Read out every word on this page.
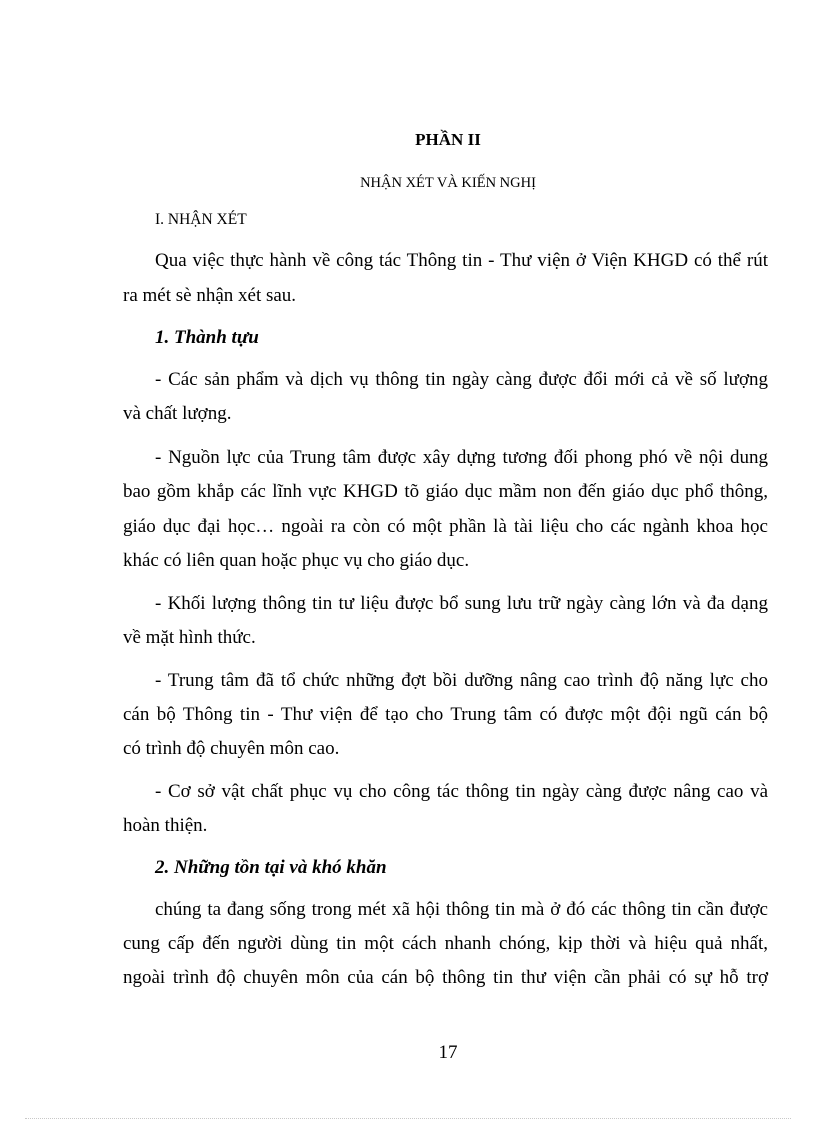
PHẦN II
NHẬN XÉT VÀ KIẾN NGHỊ
I. NHẬN XÉT
Qua việc thực hành về công tác Thông tin - Thư viện ở Viện KHGD có thể rút
ra mét sè nhận xét sau.
1. Thành tựu
- Các sản phẩm và dịch vụ thông tin ngày càng được đổi mới cả về số lượng
và chất lượng.
- Nguồn lực của Trung tâm được xây dựng tương đối phong phó về nội dung
bao gồm khắp các lĩnh vực KHGD tõ giáo dục mầm non đến giáo dục phổ thông,
giáo dục đại học… ngoài ra còn có một phần là tài liệu cho các ngành khoa học
khác có liên quan hoặc phục vụ cho giáo dục.
- Khối lượng thông tin tư liệu được bổ sung lưu trữ ngày càng lớn và đa dạng
về mặt hình thức.
- Trung tâm đã tổ chức những đợt bồi dưỡng nâng cao trình độ năng lực cho
cán bộ Thông tin - Thư viện để tạo cho Trung tâm có được một đội ngũ cán bộ
có trình độ chuyên môn cao.
- Cơ sở vật chất phục vụ cho công tác thông tin ngày càng được nâng cao và
hoàn thiện.
2. Những tồn tại và khó khăn
chúng ta đang sống trong mét xã hội thông tin mà ở đó các thông tin cần được
cung cấp đến người dùng tin một cách nhanh chóng, kịp thời và hiệu quả nhất,
ngoài trình độ chuyên môn của cán bộ thông tin thư viện cần phải có sự hỗ trợ
17
